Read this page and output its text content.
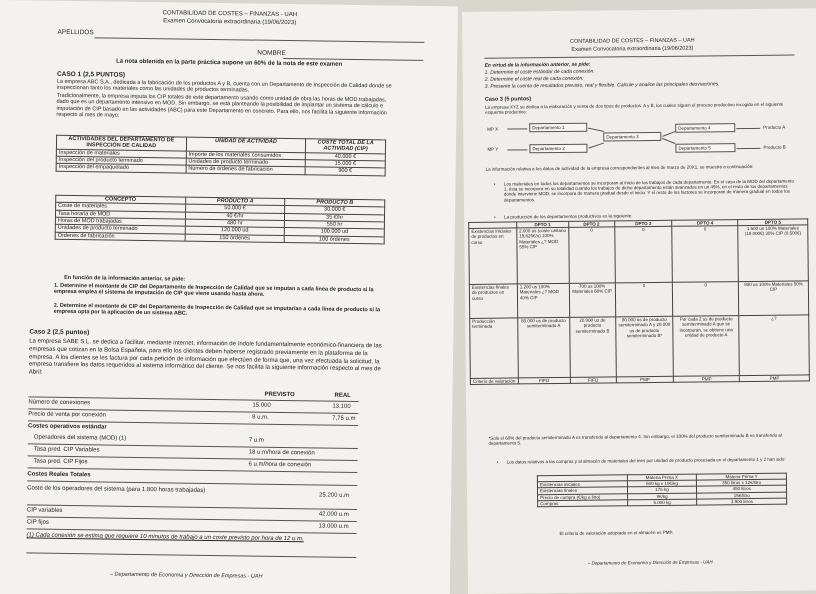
CONTABILIDAD DE COSTES – FINANZAS - UAH
Examen Convocatoria extraordinaria (19/06/2023)
APELLIDOS
NOMBRE
La nota obtenida en la parte práctica supone un 60% de la nota de este examen
CASO 1 (2,5 PUNTOS)
La empresa ABC S.A., dedicada a la fabricación de los productos A y B, cuenta con un Departamento de Inspección de Calidad donde se inspeccionan tanto los materiales como las unidades de productos terminadas.
Tradicionalmente, la empresa imputa los CIP totales de este departamento usando como unidad de obra las horas de MOD trabajadas, dado que es un departamento intensivo en MOD. Sin embargo, se está planteando la posibilidad de implantar un sistema de cálculo e imputación de CIP basado en las actividades (ABC) para este Departamento en concreto. Para ello, nos facilita la siguiente información respecto al mes de mayo:
ACTIVIDADES DEL DEPARTAMENTO DE INSPECCIÓN DE CALIDAD	UNIDAD DE ACTIVIDAD	COSTE TOTAL DE LA ACTIVIDAD (CIP)
Inspección de materiales	Importe de los materiales consumidos	40.000 €
Inspección del producto terminado	Unidades de producto terminado	15.000 €
Inspección del empaquetado	Número de órdenes de fabricación	900 €
CONCEPTO	PRODUCTO A	PRODUCTO B
Coste de materiales	50.000 €	30.000 €
Tasa horaria de MOD	40 €/hr	35 €/hr
Horas de MOD trabajadas	480 hr	550 hr
Unidades de producto terminado	120.000 ud	100.000 ud
Órdenes de fabricación	150 órdenes	100 órdenes
En función de la información anterior, se pide:
1. Determine el montante de CIP del Departamento de Inspección de Calidad que se imputan a cada línea de producto si la empresa emplea el sistema de imputación de CIP que viene usando hasta ahora.
2. Determine el montante de CIP del Departamento de Inspección de Calidad que se imputarían a cada línea de producto si la empresa opta por la aplicación de un sistema ABC.
Caso 2 (2,5 puntos)
La empresa SABE S.L. se dedica a facilitar, mediante internet, información de índole fundamentalmente económico-financiera de las empresas que cotizan en la Bolsa Española, para ello los clientes deben haberse registrado previamente en la plataforma de la empresa. A los clientes se les factura por cada petición de información que efectúen de forma que, una vez efectuada la solicitud, la empresa transfiere los datos requeridos al sistema informático del cliente. Se nos facilita la siguiente información respecto al mes de Abril:
PREVISTO	REAL
Número de conexiones	15.000	13.100
Precio de venta por conexión	8 u.m.	7,75 u.m
Costes operativos estándar
Operadores del sistema (MOD) (1)	7 u.m
Tasa pred. CIP Variables	18 u.m/hora de conexión
Tasa pred. CIP Fijos	6 u.m/hora de conexión
Costes Reales Totales
Coste de los operadores del sistema (para 1.800 horas trabajadas)
25.200 u.m
CIP variables
42.000 u.m
CIP fijos
13.000 u.m
(1) Cada conexión se estima que requiere 10 minutos de trabajo a un coste previsto por hora de 12 u.m.
– Departamento de Economía y Dirección de Empresas - UAH
CONTABILIDAD DE COSTES – FINANZAS – UAH
Examen Convocatoria extraordinaria (19/06/2023)
En virtud de la información anterior, se pide:
1. Determine el coste estándar de cada conexión.
2. Determine el coste real de cada conexión.
3. Presente la cuenta de resultados previsto, real y flexible. Calcule y analice las principales desviaciones.
Caso 3 (5 puntos)
La empresa XYZ se dedica a la elaboración y venta de dos tipos de productos: A y B, los cuales siguen el proceso productivo recogido en el siguiente esquema productivo:
MP X	Departamento 1
Departamento 3
Departamento 4
Departamento 5
Producto A
Producto B
MP Y	Departamento 2
La información relativa a los datos de actividad de la empresa correspondientes al mes de marzo de 20X1, se muestra a continuación:
• Los materiales en todos los departamentos se incorporan al inicio de los trabajos de cada departamento. En el caso de la MOD del departamento 1, ésta se incorpora en su totalidad cuando los trabajos de dicho departamento están avanzados en un 45%, en el resto de los departamentos donde interviene MOD, se incorpora de manera gradual desde el inicio. Y el resto de los factores se incorporan de manera gradual en todos los departamentos.
• La producción de los departamentos productivos es la siguiente:
	DPTO 1	DPTO 2	DPTO 3	DPTO 4	DPTO 5
Existencias iniciales de productos en curso	2.000 us (coste unitario 19,625€/u) 100% Materiales ¿? MOD 55% CIP	0	0	0	1.500 us 100% Materiales (18.000€) 30% CIP (8.500€)
Existencias finales de productos en curso	1.200 us 100% Materiales ¿? MOD 40% CIP	700 us 100% Materiales 60% CIP	0	0	800 us 100% Materiales 50% CIP
Producción terminada	80.000 us de producto semiterminado A	20.000 us de producto semiterminado B	80.000 us de producto semiterminado A y 20.000 us de producto semiterminado B*	Por cada 2 us de producto semiterminado A que se incorporan, se obtiene una unidad de producto A	¿?
Criterio de valoración	FIFO	FIFO	PMP	PMP	PMP
*Solo el 60% del producto semiterminado A es transferido al departamento 4. Sin embargo, el 100% del producto semiterminado B es transferido al departamento 5.
• Los datos relativos a las compras y al almacén de materiales del mes por unidad de producto procesada en el departamento 1 y 2 han sido:
	Materia Prima X	Materia Prima Y
Existencias iniciales	600 kg x 10€/kg	350 litros x 12€/litro
Existencias finales	175 kg	450 litros
Precio de compra (€/kg o litro)	8€/kg	15€/litro
Compras	5.000 kg	3.900 litros
El criterio de valoración adoptado en el almacén es PMP.
– Departamento de Economía y Dirección de Empresas - UAH
